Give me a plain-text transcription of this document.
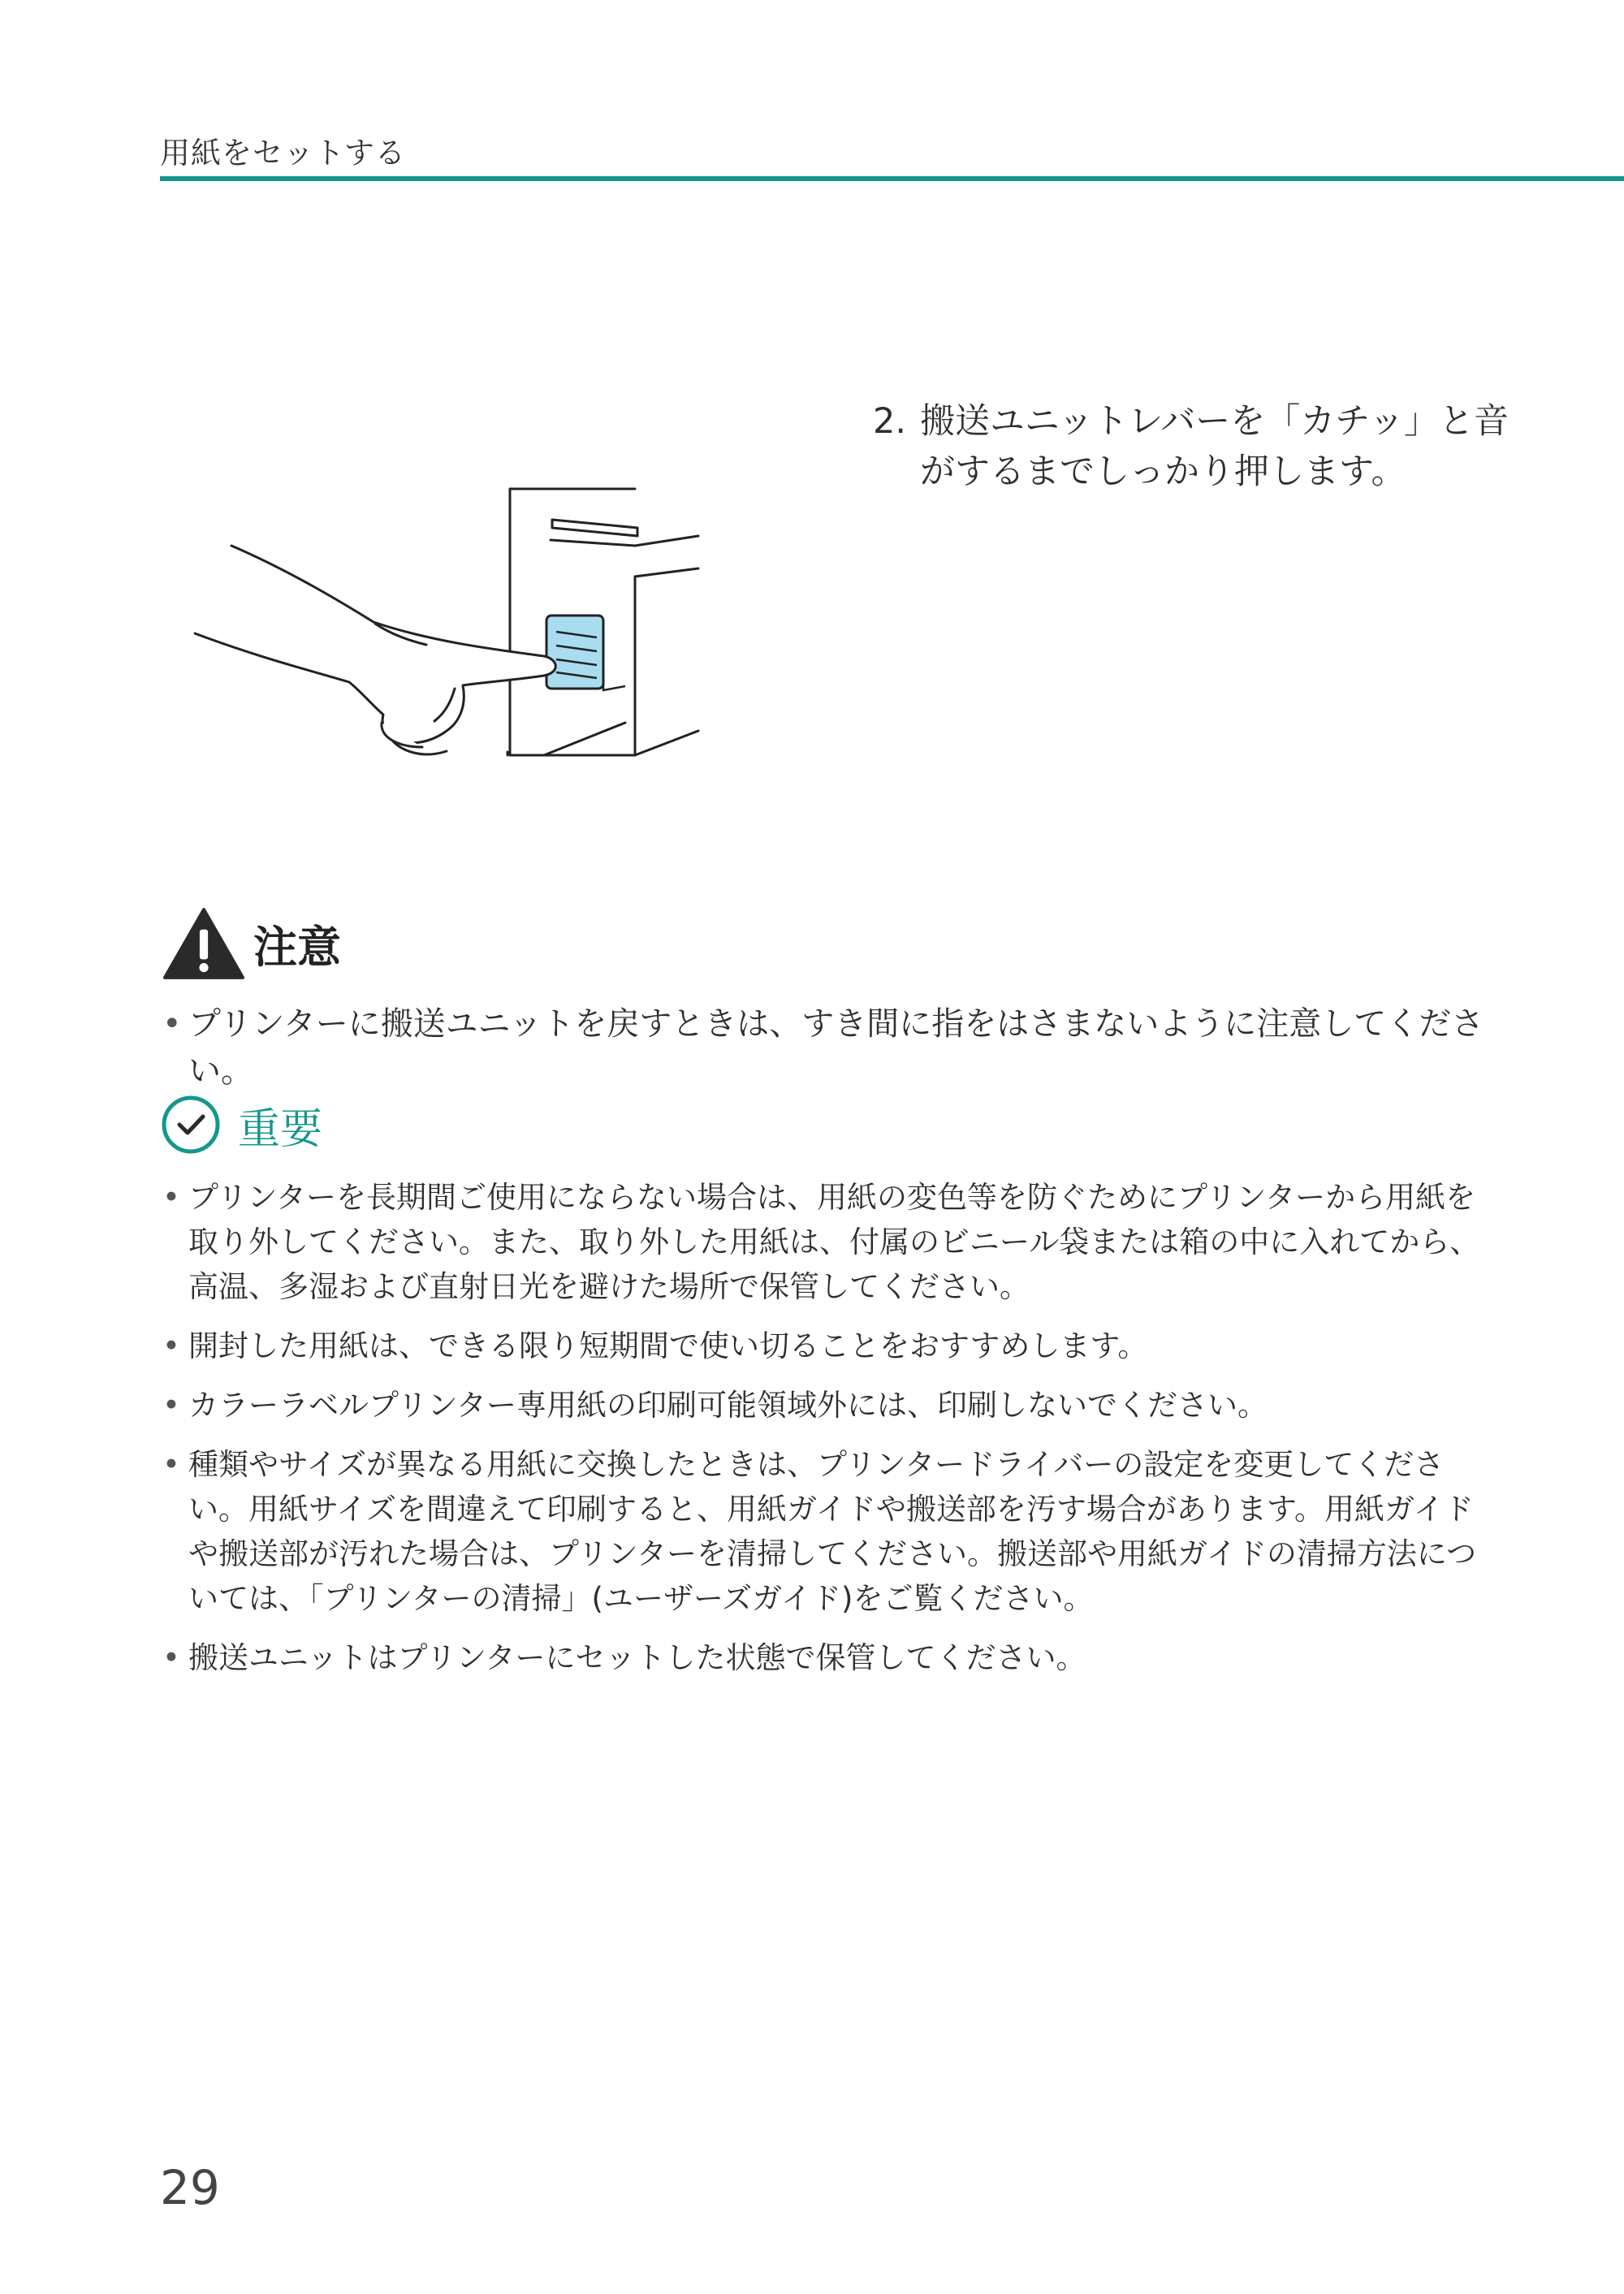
用紙をセットする
2. 搬送ユニットレバーを「カチッ」と音がするまでしっかり押します。
注意
• プリンターに搬送ユニットを戻すときは、すき間に指をはさまないように注意してください。
重要
• プリンターを長期間ご使用にならない場合は、用紙の変色等を防ぐためにプリンターから用紙を取り外してください。また、取り外した用紙は、付属のビニール袋または箱の中に入れてから、高温、多湿および直射日光を避けた場所で保管してください。
• 開封した用紙は、できる限り短期間で使い切ることをおすすめします。
• カラーラベルプリンター専用紙の印刷可能領域外には、印刷しないでください。
• 種類やサイズが異なる用紙に交換したときは、プリンタードライバーの設定を変更してください。用紙サイズを間違えて印刷すると、用紙ガイドや搬送部を汚す場合があります。用紙ガイドや搬送部が汚れた場合は、プリンターを清掃してください。搬送部や用紙ガイドの清掃方法については、「プリンターの清掃」(ユーザーズガイド)をご覧ください。
• 搬送ユニットはプリンターにセットした状態で保管してください。
29
